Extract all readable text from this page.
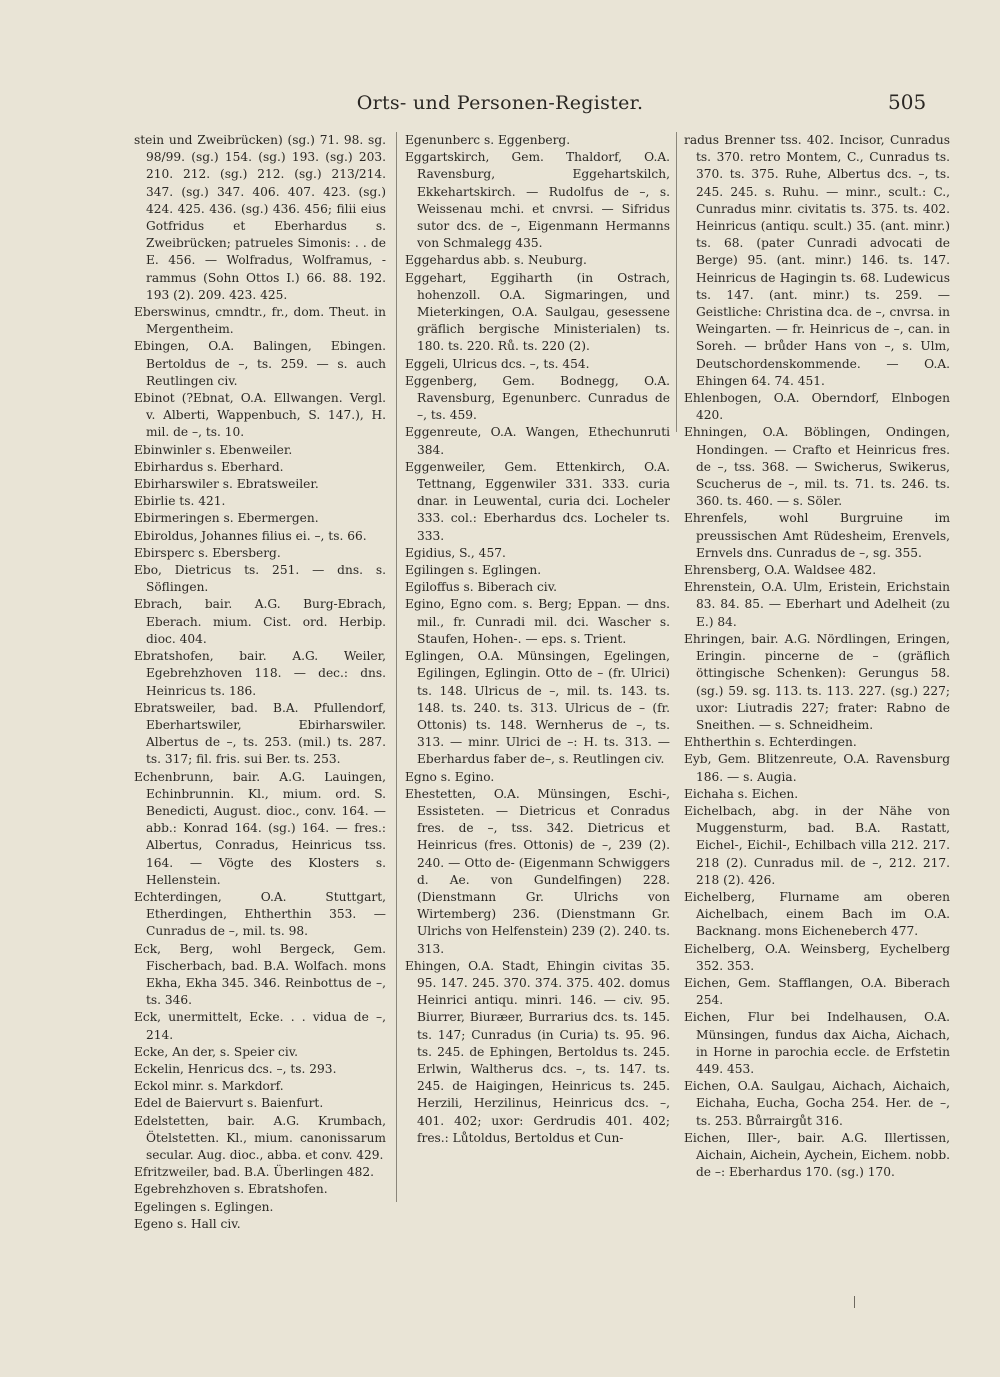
Orts- und Personen-Register.	505

stein und Zweibrücken) (sg.) 71. 98. sg. 98/99. (sg.) 154. (sg.) 193. (sg.) 203. 210. 212. (sg.) 212. (sg.) 213/214. 347. (sg.) 347. 406. 407. 423. (sg.) 424. 425. 436. (sg.) 436. 456; filii eius Gotfridus et Eberhardus s. Zweibrücken; patrueles Simonis: . . de E. 456. — Wolfradus, Wolframus, -rammus (Sohn Ottos I.) 66. 88. 192. 193 (2). 209. 423. 425.

Eberswinus, cmndtr., fr., dom. Theut. in Mergentheim.

Ebingen, O.A. Balingen, Ebingen. Bertoldus de –, ts. 259. — s. auch Reutlingen civ.

Ebinot (?Ebnat, O.A. Ellwangen. Vergl. v. Alberti, Wappenbuch, S. 147.), H. mil. de –, ts. 10.

Ebinwinler s. Ebenweiler.

Ebirhardus s. Eberhard.

Ebirharswiler s. Ebratsweiler.

Ebirlie ts. 421.

Ebirmeringen s. Ebermergen.

Ebiroldus, Johannes filius ei. –, ts. 66.

Ebirsperc s. Ebersberg.

Ebo, Dietricus ts. 251. — dns. s. Söflingen.

Ebrach, bair. A.G. Burg-Ebrach, Eberach. mium. Cist. ord. Herbip. dioc. 404.

Ebratshofen, bair. A.G. Weiler, Egebrehzhoven 118. — dec.: dns. Heinricus ts. 186.

Ebratsweiler, bad. B.A. Pfullendorf, Eberhartswiler, Ebirharswiler. Albertus de –, ts. 253. (mil.) ts. 287. ts. 317; fil. fris. sui Ber. ts. 253.

Echenbrunn, bair. A.G. Lauingen, Echinbrunnin. Kl., mium. ord. S. Benedicti, August. dioc., conv. 164. — abb.: Konrad 164. (sg.) 164. — fres.: Albertus, Conradus, Heinricus tss. 164. — Vögte des Klosters s. Hellenstein.

Echterdingen, O.A. Stuttgart, Etherdingen, Ehtherthin 353. — Cunradus de –, mil. ts. 98.

Eck, Berg, wohl Bergeck, Gem. Fischerbach, bad. B.A. Wolfach. mons Ekha, Ekha 345. 346. Reinbottus de –, ts. 346.

Eck, unermittelt, Ecke. . . vidua de –, 214.

Ecke, An der, s. Speier civ.

Eckelin, Henricus dcs. –, ts. 293.

Eckol minr. s. Markdorf.

Edel de Baiervurt s. Baienfurt.

Edelstetten, bair. A.G. Krumbach, Ötelstetten. Kl., mium. canonissarum secular. Aug. dioc., abba. et conv. 429.

Efritzweiler, bad. B.A. Überlingen 482.

Egebrehzhoven s. Ebratshofen.

Egelingen s. Eglingen.

Egeno s. Hall civ.

Egenunberc s. Eggenberg.

Eggartskirch, Gem. Thaldorf, O.A. Ravensburg, Eggehartskilch, Ekkehartskirch. — Rudolfus de –, s. Weissenau mchi. et cnvrsi. — Sifridus sutor dcs. de –, Eigenmann Hermanns von Schmalegg 435.

Eggehardus abb. s. Neuburg.

Eggehart, Eggiharth (in Ostrach, hohenzoll. O.A. Sigmaringen, und Mieterkingen, O.A. Saulgau, gesessene gräflich bergische Ministerialen) ts. 180. ts. 220. Rů. ts. 220 (2).

Eggeli, Ulricus dcs. –, ts. 454.

Eggenberg, Gem. Bodnegg, O.A. Ravensburg, Egenunberc. Cunradus de –, ts. 459.

Eggenreute, O.A. Wangen, Ethechunruti 384.

Eggenweiler, Gem. Ettenkirch, O.A. Tettnang, Eggenwiler 331. 333. curia dnar. in Leuwental, curia dci. Locheler 333. col.: Eberhardus dcs. Locheler ts. 333.

Egidius, S., 457.

Egilingen s. Eglingen.

Egiloffus s. Biberach civ.

Egino, Egno com. s. Berg; Eppan. — dns. mil., fr. Cunradi mil. dci. Wascher s. Staufen, Hohen-. — eps. s. Trient.

Eglingen, O.A. Münsingen, Egelingen, Egilingen, Eglingin. Otto de – (fr. Ulrici) ts. 148. Ulricus de –, mil. ts. 143. ts. 148. ts. 240. ts. 313. Ulricus de – (fr. Ottonis) ts. 148. Wernherus de –, ts. 313. — minr. Ulrici de –: H. ts. 313. — Eberhardus faber de–, s. Reutlingen civ.

Egno s. Egino.

Ehestetten, O.A. Münsingen, Eschi-, Essisteten. — Dietricus et Conradus fres. de –, tss. 342. Dietricus et Heinricus (fres. Ottonis) de –, 239 (2). 240. — Otto de- (Eigenmann Schwiggers d. Ae. von Gundelfingen) 228. (Dienstmann Gr. Ulrichs von Wirtemberg) 236. (Dienstmann Gr. Ulrichs von Helfenstein) 239 (2). 240. ts. 313.

Ehingen, O.A. Stadt, Ehingin civitas 35. 95. 147. 245. 370. 374. 375. 402. domus Heinrici antiqu. minri. 146. — civ. 95. Biurrer, Biuræer, Burrarius dcs. ts. 145. ts. 147; Cunradus (in Curia) ts. 95. 96. ts. 245. de Ephingen, Bertoldus ts. 245. Erlwin, Waltherus dcs. –, ts. 147. ts. 245. de Haigingen, Heinricus ts. 245. Herzili, Herzilinus, Heinricus dcs. –, 401. 402; uxor: Gerdrudis 401. 402; fres.: Lůtoldus, Bertoldus et Cun-

radus Brenner tss. 402. Incisor, Cunradus ts. 370. retro Montem, C., Cunradus ts. 370. ts. 375. Ruhe, Albertus dcs. –, ts. 245. 245. s. Ruhu. — minr., scult.: C., Cunradus minr. civitatis ts. 375. ts. 402. Heinricus (antiqu. scult.) 35. (ant. minr.) ts. 68. (pater Cunradi advocati de Berge) 95. (ant. minr.) 146. ts. 147. Heinricus de Hagingin ts. 68. Ludewicus ts. 147. (ant. minr.) ts. 259. — Geistliche: Christina dca. de –, cnvrsa. in Weingarten. — fr. Heinricus de –, can. in Soreh. — brůder Hans von –, s. Ulm, Deutschordenskommende. — O.A. Ehingen 64. 74. 451.

Ehlenbogen, O.A. Oberndorf, Elnbogen 420.

Ehningen, O.A. Böblingen, Ondingen, Hondingen. — Crafto et Heinricus fres. de –, tss. 368. — Swicherus, Swikerus, Scucherus de –, mil. ts. 71. ts. 246. ts. 360. ts. 460. — s. Söler.

Ehrenfels, wohl Burgruine im preussischen Amt Rüdesheim, Erenvels, Ernvels dns. Cunradus de –, sg. 355.

Ehrensberg, O.A. Waldsee 482.

Ehrenstein, O.A. Ulm, Eristein, Erichstain 83. 84. 85. — Eberhart und Adelheit (zu E.) 84.

Ehringen, bair. A.G. Nördlingen, Eringen, Eringin. pincerne de – (gräflich öttingische Schenken): Gerungus 58. (sg.) 59. sg. 113. ts. 113. 227. (sg.) 227; uxor: Liutradis 227; frater: Rabno de Sneithen. — s. Schneidheim.

Ehtherthin s. Echterdingen.

Eyb, Gem. Blitzenreute, O.A. Ravensburg 186. — s. Augia.

Eichaha s. Eichen.

Eichelbach, abg. in der Nähe von Muggensturm, bad. B.A. Rastatt, Eichel-, Eichil-, Echilbach villa 212. 217. 218 (2). Cunradus mil. de –, 212. 217. 218 (2). 426.

Eichelberg, Flurname am oberen Aichelbach, einem Bach im O.A. Backnang. mons Eicheneberch 477.

Eichelberg, O.A. Weinsberg, Eychelberg 352. 353.

Eichen, Gem. Stafflangen, O.A. Biberach 254.

Eichen, Flur bei Indelhausen, O.A. Münsingen, fundus dax Aicha, Aichach, in Horne in parochia eccle. de Erfstetin 449. 453.

Eichen, O.A. Saulgau, Aichach, Aichaich, Eichaha, Eucha, Gocha 254. Her. de –, ts. 253. Bůrrairgůt 316.

Eichen, Iller-, bair. A.G. Illertissen, Aichain, Aichein, Aychein, Eichem. nobb. de –: Eberhardus 170. (sg.) 170.
